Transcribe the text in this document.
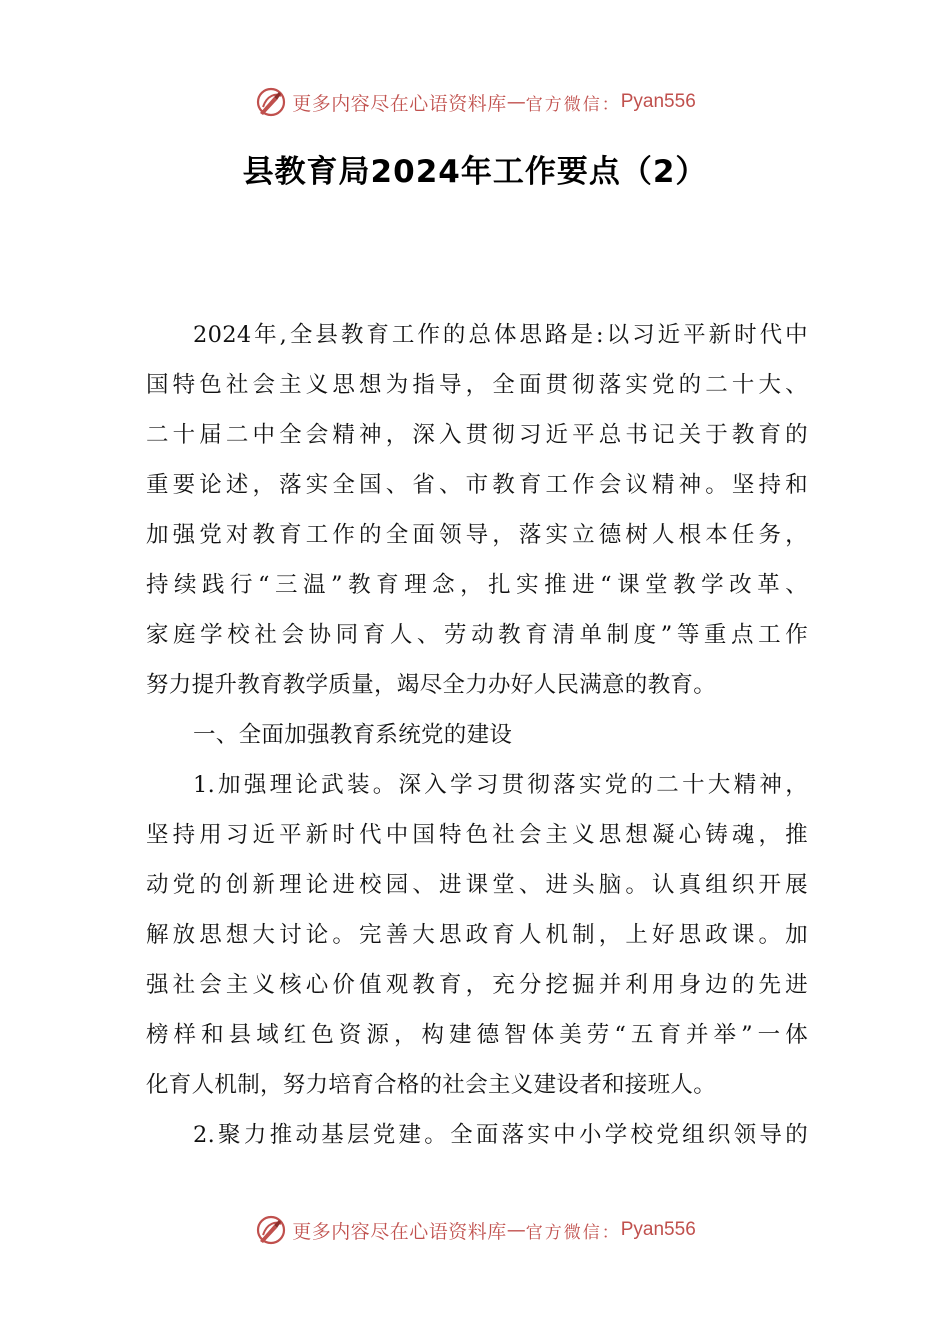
更多内容尽在心语资料库 — 官方微信： Pyan556
县教育局2024年工作要点（2）
2024年,全县教育工作的总体思路是:以习近平新时代中
国特色社会主义思想为指导，全面贯彻落实党的二十大、
二十届二中全会精神，深入贯彻习近平总书记关于教育的
重要论述，落实全国、省、市教育工作会议精神。坚持和
加强党对教育工作的全面领导，落实立德树人根本任务，
持续践行“三温”教育理念，扎实推进“课堂教学改革、
家庭学校社会协同育人、劳动教育清单制度”等重点工作
努力提升教育教学质量，竭尽全力办好人民满意的教育。
一、全面加强教育系统党的建设
1.加强理论武装。深入学习贯彻落实党的二十大精神，
坚持用习近平新时代中国特色社会主义思想凝心铸魂，推
动党的创新理论进校园、进课堂、进头脑。认真组织开展
解放思想大讨论。完善大思政育人机制，上好思政课。加
强社会主义核心价值观教育，充分挖掘并利用身边的先进
榜样和县域红色资源，构建德智体美劳“五育并举”一体
化育人机制，努力培育合格的社会主义建设者和接班人。
2.聚力推动基层党建。全面落实中小学校党组织领导的
更多内容尽在心语资料库 — 官方微信： Pyan556
